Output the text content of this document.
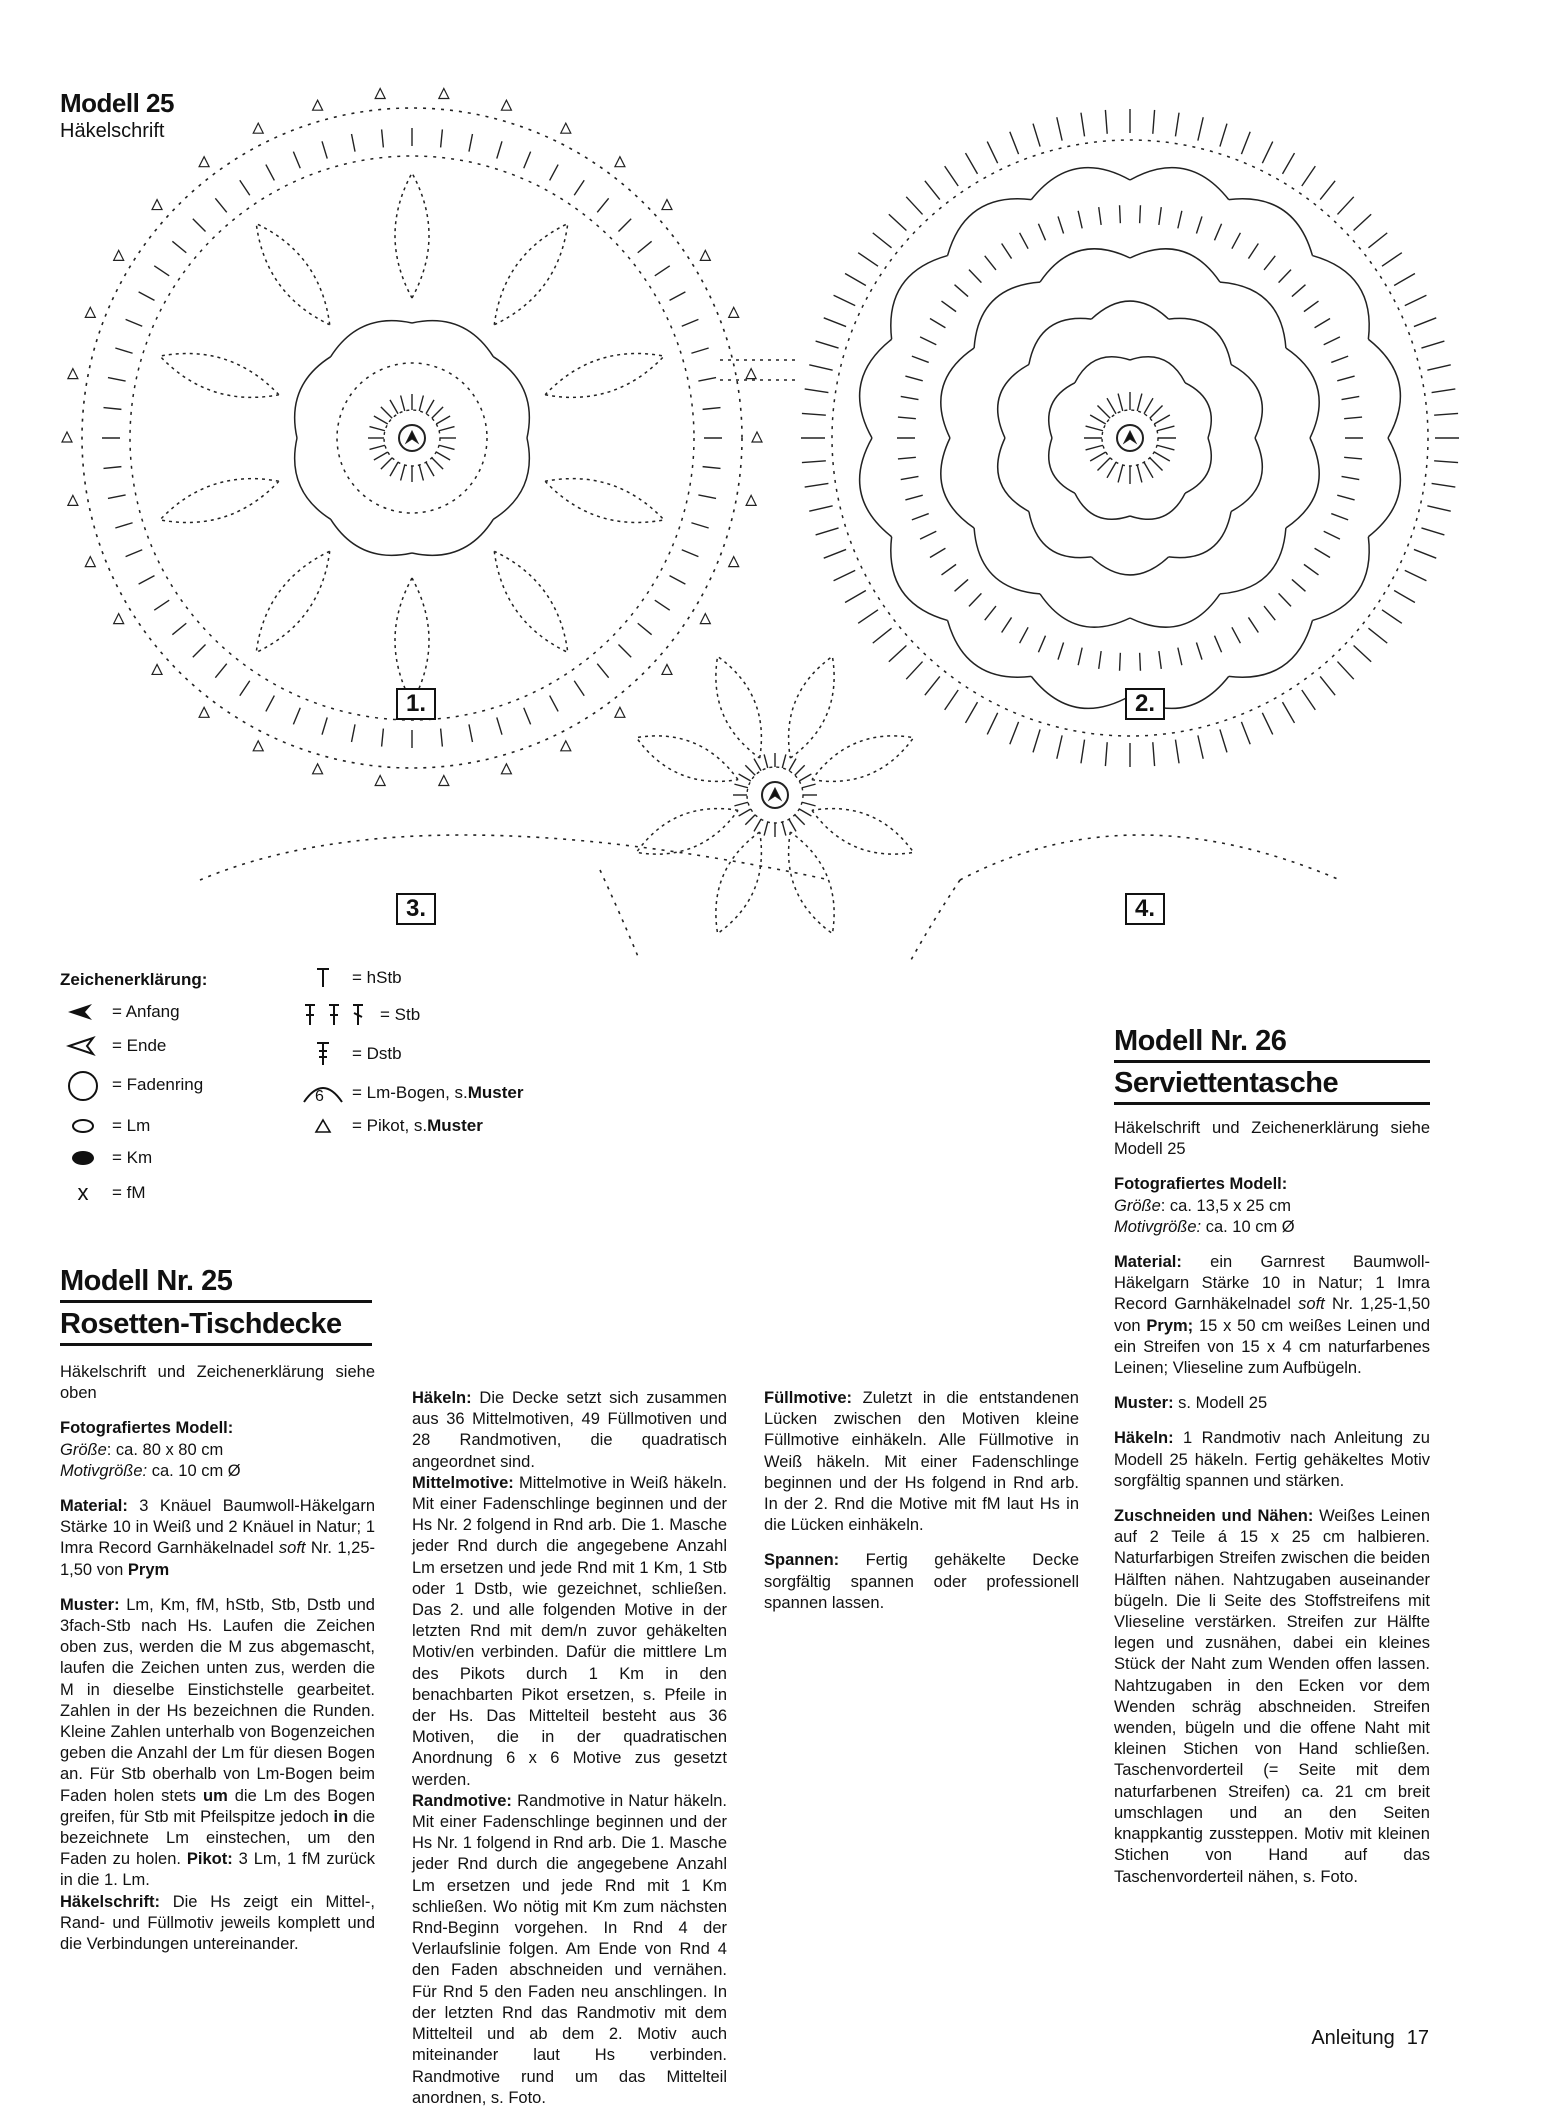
Modell 25
Häkelschrift
1.	2.
3.	4.
Zeichenerklärung:
= Anfang
= Ende
= Fadenring
= Lm
= Km
x	= fM
= hStb
= Stb
= Dstb
6 = Lm-Bogen, s. Muster
= Pikot, s. Muster
Modell Nr. 25
Rosetten-Tischdecke

Häkelschrift und Zeichenerklärung siehe oben

Fotografiertes Modell:
Größe: ca. 80 x 80 cm
Motivgröße: ca. 10 cm Ø

Material: 3 Knäuel Baumwoll-Häkelgarn Stärke 10 in Weiß und 2 Knäuel in Natur; 1 Imra Record Garnhäkelnadel soft Nr. 1,25-1,50 von Prym

Muster: Lm, Km, fM, hStb, Stb, Dstb und 3fach-Stb nach Hs. Laufen die Zeichen oben zus, werden die M zus abgemascht, laufen die Zeichen unten zus, werden die M in dieselbe Einstichstelle gearbeitet. Zahlen in der Hs bezeichnen die Runden. Kleine Zahlen unterhalb von Bogenzeichen geben die Anzahl der Lm für diesen Bogen an. Für Stb oberhalb von Lm-Bogen beim Faden holen stets um die Lm des Bogen greifen, für Stb mit Pfeilspitze jedoch in die bezeichnete Lm einstechen, um den Faden zu holen. Pikot: 3 Lm, 1 fM zurück in die 1. Lm.
Häkelschrift: Die Hs zeigt ein Mittel-, Rand- und Füllmotiv jeweils komplett und die Verbindungen untereinander.

Häkeln: Die Decke setzt sich zusammen aus 36 Mittelmotiven, 49 Füllmotiven und 28 Randmotiven, die quadratisch angeordnet sind.
Mittelmotive: Mittelmotive in Weiß häkeln. Mit einer Fadenschlinge beginnen und der Hs Nr. 2 folgend in Rnd arb. Die 1. Masche jeder Rnd durch die angegebene Anzahl Lm ersetzen und jede Rnd mit 1 Km, 1 Stb oder 1 Dstb, wie gezeichnet, schließen. Das 2. und alle folgenden Motive in der letzten Rnd mit dem/n zuvor gehäkelten Motiv/en verbinden. Dafür die mittlere Lm des Pikots durch 1 Km in den benachbarten Pikot ersetzen, s. Pfeile in der Hs. Das Mittelteil besteht aus 36 Motiven, die in der quadratischen Anordnung 6 x 6 Motive zus gesetzt werden.
Randmotive: Randmotive in Natur häkeln. Mit einer Fadenschlinge beginnen und der Hs Nr. 1 folgend in Rnd arb. Die 1. Masche jeder Rnd durch die angegebene Anzahl Lm ersetzen und jede Rnd mit 1 Km schließen. Wo nötig mit Km zum nächsten Rnd-Beginn vorgehen. In Rnd 4 der Verlaufslinie folgen. Am Ende von Rnd 4 den Faden abschneiden und vernähen. Für Rnd 5 den Faden neu anschlingen. In der letzten Rnd das Randmotiv mit dem Mittelteil und ab dem 2. Motiv auch miteinander laut Hs verbinden. Randmotive rund um das Mittelteil anordnen, s. Foto.

Füllmotive: Zuletzt in die entstandenen Lücken zwischen den Motiven kleine Füllmotive einhäkeln. Alle Füllmotive in Weiß häkeln. Mit einer Fadenschlinge beginnen und der Hs folgend in Rnd arb. In der 2. Rnd die Motive mit fM laut Hs in die Lücken einhäkeln.

Spannen: Fertig gehäkelte Decke sorgfältig spannen oder professionell spannen lassen.

Modell Nr. 26
Serviettentasche

Häkelschrift und Zeichenerklärung siehe Modell 25

Fotografiertes Modell:
Größe: ca. 13,5 x 25 cm
Motivgröße: ca. 10 cm Ø

Material: ein Garnrest Baumwoll-Häkelgarn Stärke 10 in Natur; 1 Imra Record Garnhäkelnadel soft Nr. 1,25-1,50 von Prym; 15 x 50 cm weißes Leinen und ein Streifen von 15 x 4 cm naturfarbenes Leinen; Vlieseline zum Aufbügeln.

Muster: s. Modell 25

Häkeln: 1 Randmotiv nach Anleitung zu Modell 25 häkeln. Fertig gehäkeltes Motiv sorgfältig spannen und stärken.

Zuschneiden und Nähen: Weißes Leinen auf 2 Teile á 15 x 25 cm halbieren. Naturfarbigen Streifen zwischen die beiden Hälften nähen. Nahtzugaben auseinander bügeln. Die li Seite des Stoffstreifens mit Vlieseline verstärken. Streifen zur Hälfte legen und zusnähen, dabei ein kleines Stück der Naht zum Wenden offen lassen. Nahtzugaben in den Ecken vor dem Wenden schräg abschneiden. Streifen wenden, bügeln und die offene Naht mit kleinen Stichen von Hand schließen. Taschenvorderteil (= Seite mit dem naturfarbenen Streifen) ca. 21 cm breit umschlagen und an den Seiten knappkantig zussteppen. Motiv mit kleinen Stichen von Hand auf das Taschenvorderteil nähen, s. Foto.

Anleitung 17
